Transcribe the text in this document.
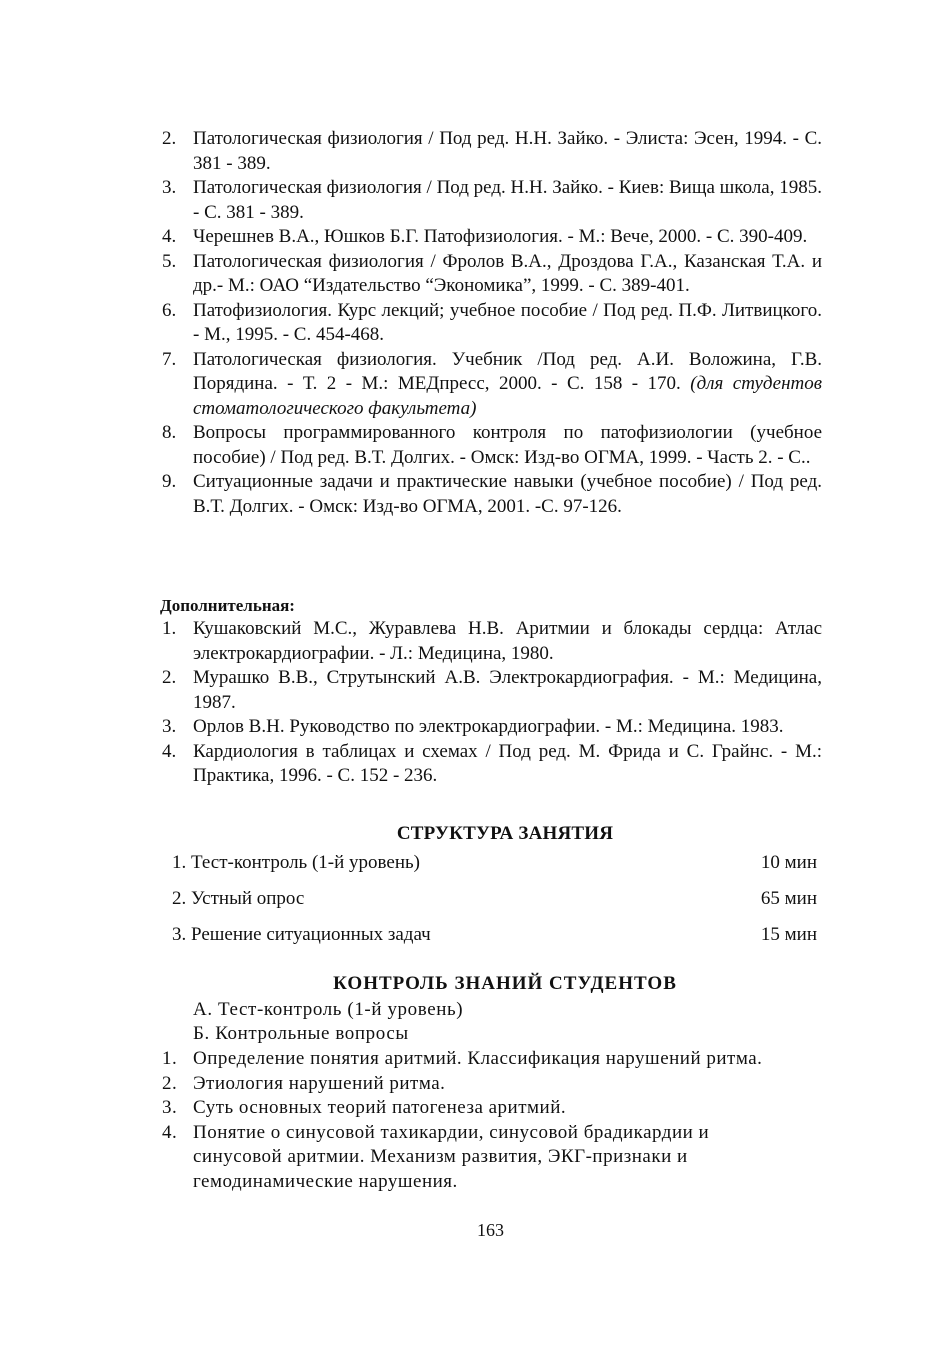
2. Патологическая физиология / Под ред. Н.Н. Зайко. - Элиста: Эсен, 1994. - С. 381 - 389.
3. Патологическая физиология / Под ред. Н.Н. Зайко. - Киев: Вища школа, 1985. - С. 381 - 389.
4. Черешнев В.А., Юшков Б.Г. Патофизиология. - М.: Вече, 2000. - С. 390-409.
5. Патологическая физиология / Фролов В.А., Дроздова Г.А., Казанская Т.А. и др.- М.: ОАО “Издательство “Экономика”, 1999. - С. 389-401.
6. Патофизиология. Курс лекций; учебное пособие / Под ред. П.Ф. Литвицкого. - М., 1995. - С. 454-468.
7. Патологическая физиология. Учебник /Под ред. А.И. Воложина, Г.В. Порядина. - Т. 2 - М.: МЕДпресс, 2000. - С. 158 - 170. (для студентов стоматологического факультета)
8. Вопросы программированного контроля по патофизиологии (учебное пособие) / Под ред. В.Т. Долгих. - Омск: Изд-во ОГМА, 1999. - Часть 2. - С..
9. Ситуационные задачи и практические навыки (учебное пособие) / Под ред. В.Т. Долгих. - Омск: Изд-во ОГМА, 2001. -С. 97-126.
Дополнительная:
1. Кушаковский М.С., Журавлева Н.В. Аритмии и блокады сердца: Атлас электрокардиографии. - Л.: Медицина, 1980.
2. Мурашко В.В., Струтынский А.В. Электрокардиография. - М.: Медицина, 1987.
3. Орлов В.Н. Руководство по электрокардиографии. - М.: Медицина. 1983.
4. Кардиология в таблицах и схемах / Под ред. М. Фрида и С. Грайнс. - М.: Практика, 1996. - С. 152 - 236.
СТРУКТУРА ЗАНЯТИЯ
1. Тест-контроль (1-й уровень)	10 мин
2. Устный опрос	65 мин
3. Решение ситуационных задач	15 мин
КОНТРОЛЬ ЗНАНИЙ СТУДЕНТОВ
А. Тест-контроль (1-й уровень)
Б. Контрольные вопросы
1. Определение понятия аритмий. Классификация нарушений ритма.
2. Этиология нарушений ритма.
3. Суть основных теорий патогенеза аритмий.
4. Понятие о синусовой тахикардии, синусовой брадикардии и синусовой аритмии. Механизм развития, ЭКГ-признаки и гемодинамические нарушения.
163
